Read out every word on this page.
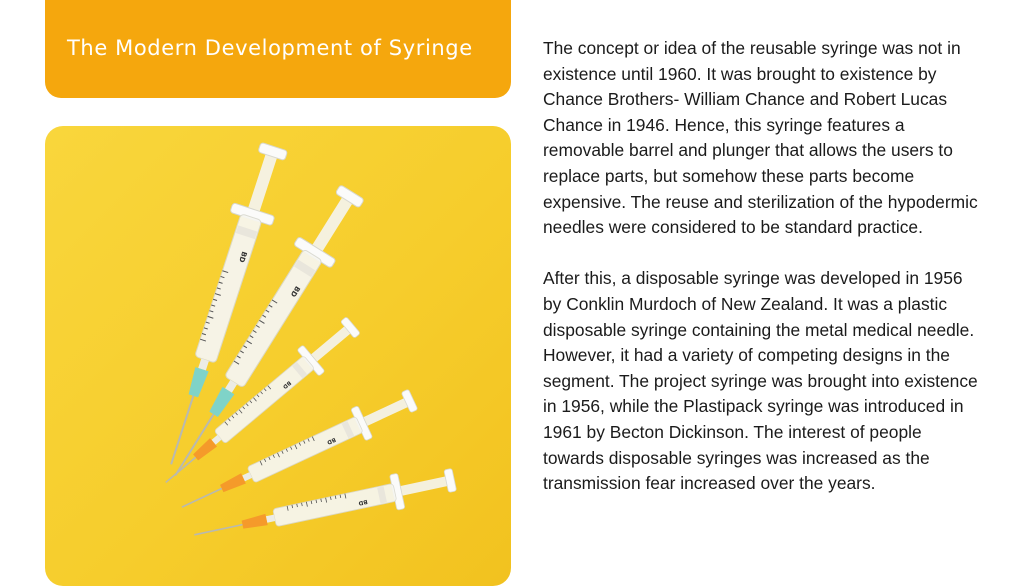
The Modern Development of Syringe
BD

The concept or idea of the reusable syringe was not in existence until 1960. It was brought to existence by Chance Brothers- William Chance and Robert Lucas Chance in 1946. Hence, this syringe features a removable barrel and plunger that allows the users to replace parts, but somehow these parts become expensive. The reuse and sterilization of the hypodermic needles were considered to be standard practice.

After this, a disposable syringe was developed in 1956 by Conklin Murdoch of New Zealand. It was a plastic disposable syringe containing the metal medical needle. However, it had a variety of competing designs in the segment. The project syringe was brought into existence in 1956, while the Plastipack syringe was introduced in 1961 by Becton Dickinson. The interest of people towards disposable syringes was increased as the transmission fear increased over the years.
